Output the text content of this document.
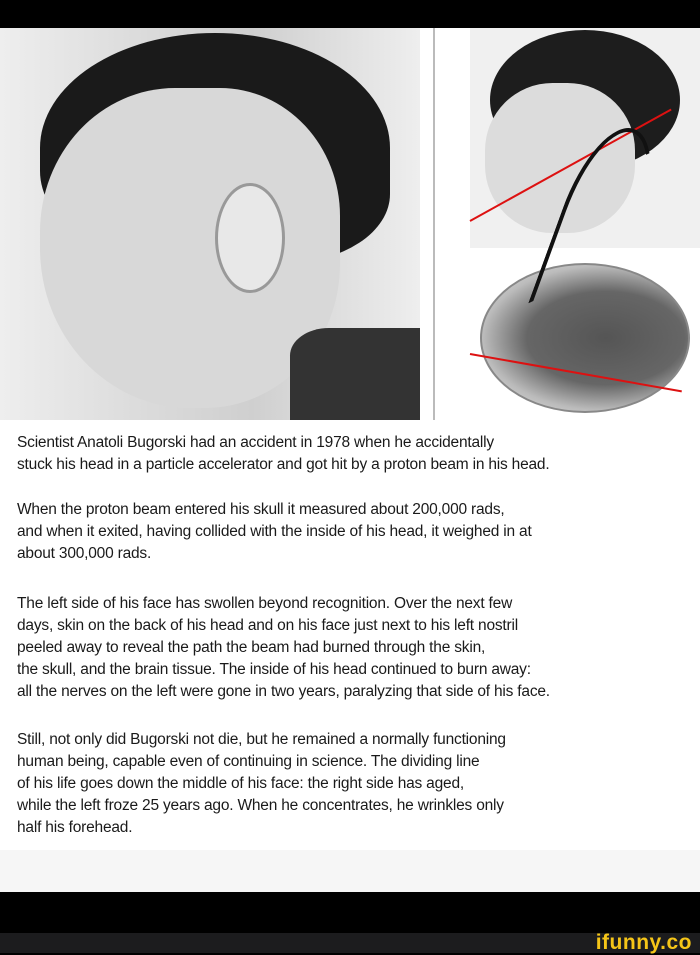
Scientist Anatoli Bugorski had an accident in 1978 when he accidentally
stuck his head in a particle accelerator and got hit by a proton beam in his head.
When the proton beam entered his skull it measured about 200,000 rads,
and when it exited, having collided with the inside of his head, it weighed in at
about 300,000 rads.
The left side of his face has swollen beyond recognition. Over the next few
days, skin on the back of his head and on his face just next to his left nostril
peeled away to reveal the path the beam had burned through the skin,
the skull, and the brain tissue. The inside of his head continued to burn away:
all the nerves on the left were gone in two years, paralyzing that side of his face.
Still, not only did Bugorski not die, but he remained a normally functioning
human being, capable even of continuing in science. The dividing line
of his life goes down the middle of his face: the right side has aged,
while the left froze 25 years ago. When he concentrates, he wrinkles only
half his forehead.
ifunny.co
